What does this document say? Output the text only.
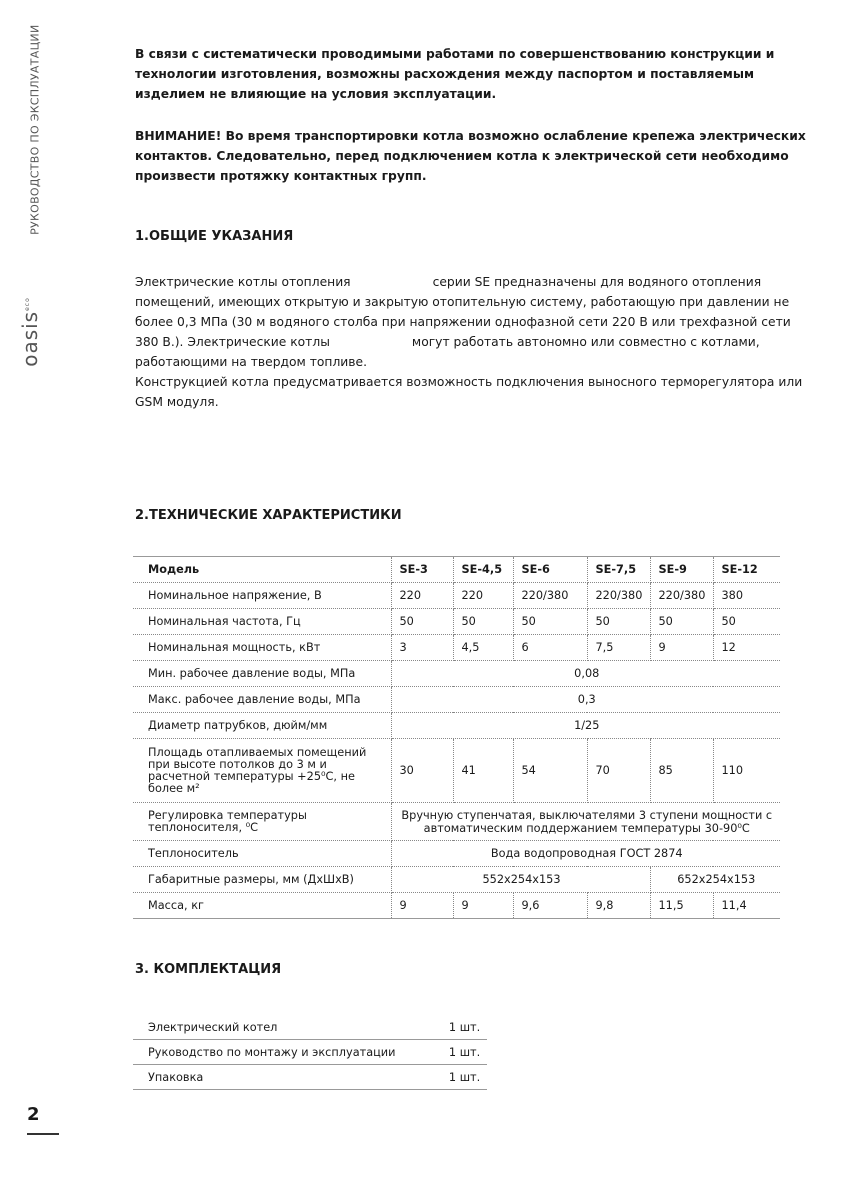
РУКОВОДСТВО ПО ЭКСПЛУАТАЦИИ
oasis$^{eco}$
В связи с систематически проводимыми работами по совершенствованию конструкции и технологии изготовления, возможны расхождения между паспортом и поставляемым изделием не влияющие на условия эксплуатации.
ВНИМАНИЕ! Во время транспортировки котла возможно ослабление крепежа электрических контактов. Следовательно, перед подключением котла к электрической сети необходимо произвести протяжку контактных групп.
1.ОБЩИЕ УКАЗАНИЯ
Электрические котлы отопления	серии SE предназначены для водяного отопления помещений, имеющих открытую и закрытую отопительную систему, работающую при давлении не более 0,3 МПа (30 м водяного столба при напряжении однофазной сети 220 В или трехфазной сети 380 В.). Электрические котлы	могут работать автономно или совместно с котлами, работающими на твердом топливе.
Конструкцией котла предусматривается возможность подключения выносного терморегулятора или GSM модуля.
2.ТЕХНИЧЕСКИЕ ХАРАКТЕРИСТИКИ
Модель	SE-3	SE-4,5	SE-6	SE-7,5	SE-9	SE-12
Номинальное напряжение, В	220	220	220/380	220/380	220/380	380
Номинальная частота, Гц	50	50	50	50	50	50
Номинальная мощность, кВт	3	4,5	6	7,5	9	12
Мин. рабочее давление воды, МПа	0,08					
Макс. рабочее давление воды, МПа	0,3					
Диаметр патрубков, дюйм/мм	1/25					
Площадь отапливаемых помещений при высоте потолков до 3 м и расчетной температуры +25⁰С, не более м²	30	41	54	70	85	110
Регулировка температуры теплоносителя, ⁰С	Вручную ступенчатая, выключателями 3 ступени мощности с автоматическим поддержанием температуры 30-90⁰С					
Теплоноситель	Вода водопроводная ГОСТ 2874					
Габаритные размеры, мм (ДхШхВ)	552x254x153				652x254x153	
Масса, кг	9	9	9,6	9,8	11,5	11,4
3. КОМПЛЕКТАЦИЯ
Электрический котел	1 шт.
Руководство по монтажу и эксплуатации	1 шт.
Упаковка	1 шт.
2
